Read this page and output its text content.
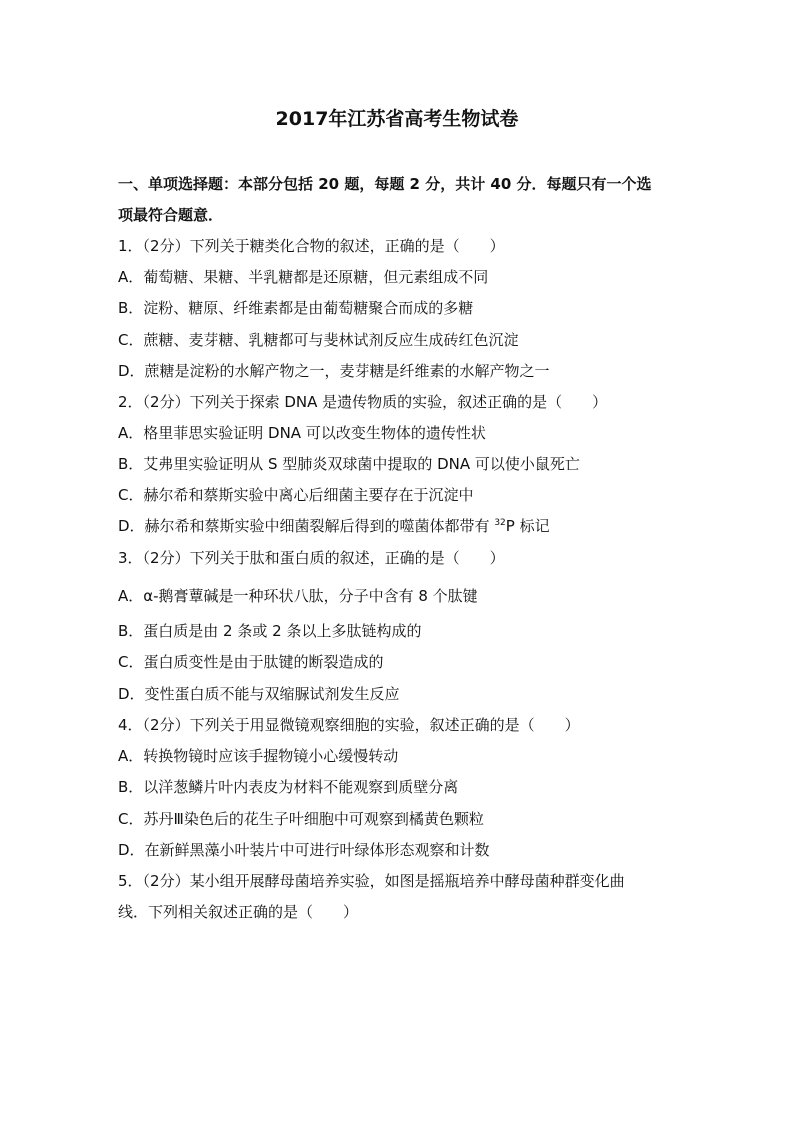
2017年江苏省高考生物试卷
一、单项选择题：本部分包括 20 题，每题 2 分，共计 40 分．每题只有一个选
项最符合题意．
1．（2分）下列关于糖类化合物的叙述，正确的是（　　）
A．葡萄糖、果糖、半乳糖都是还原糖，但元素组成不同
B．淀粉、糖原、纤维素都是由葡萄糖聚合而成的多糖
C．蔗糖、麦芽糖、乳糖都可与斐林试剂反应生成砖红色沉淀
D．蔗糖是淀粉的水解产物之一，麦芽糖是纤维素的水解产物之一
2．（2分）下列关于探索 DNA 是遗传物质的实验，叙述正确的是（　　）
A．格里菲思实验证明 DNA 可以改变生物体的遗传性状
B．艾弗里实验证明从 S 型肺炎双球菌中提取的 DNA 可以使小鼠死亡
C．赫尔希和蔡斯实验中离心后细菌主要存在于沉淀中
D．赫尔希和蔡斯实验中细菌裂解后得到的噬菌体都带有 $^{32}$P 标记
3．（2分）下列关于肽和蛋白质的叙述，正确的是（　　）
A．α-鹅膏蕈碱是一种环状八肽，分子中含有 8 个肽键
B．蛋白质是由 2 条或 2 条以上多肽链构成的
C．蛋白质变性是由于肽键的断裂造成的
D．变性蛋白质不能与双缩脲试剂发生反应
4．（2分）下列关于用显微镜观察细胞的实验，叙述正确的是（　　）
A．转换物镜时应该手握物镜小心缓慢转动
B．以洋葱鳞片叶内表皮为材料不能观察到质壁分离
C．苏丹Ⅲ染色后的花生子叶细胞中可观察到橘黄色颗粒
D．在新鲜黑藻小叶装片中可进行叶绿体形态观察和计数
5．（2分）某小组开展酵母菌培养实验，如图是摇瓶培养中酵母菌种群变化曲
线．下列相关叙述正确的是（　　）
